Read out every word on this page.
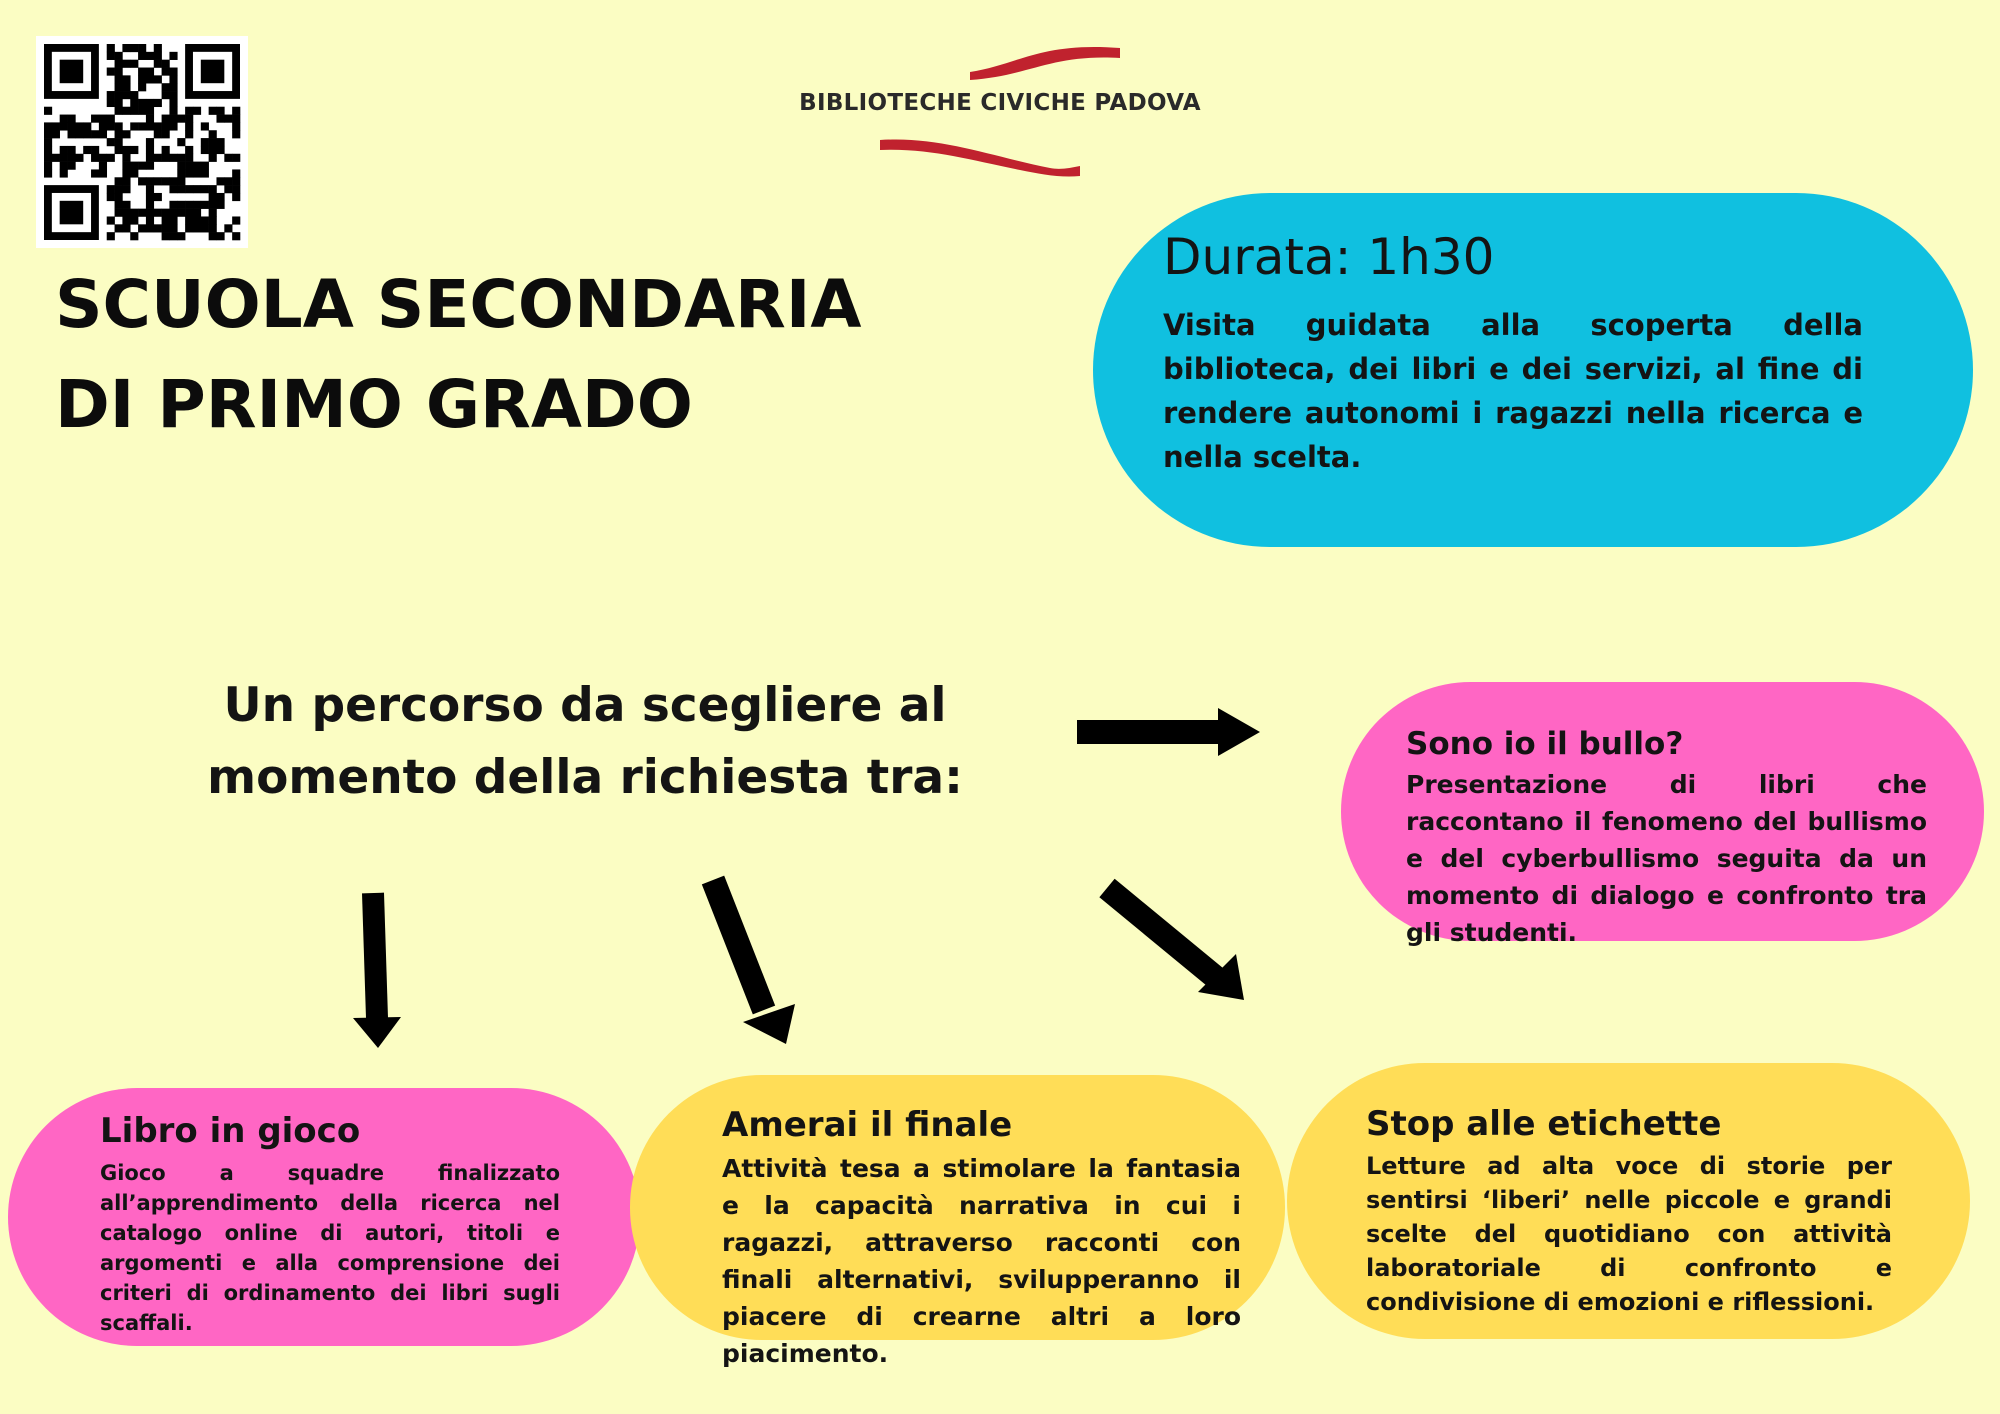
BIBLIOTECHE CIVICHE PADOVA
SCUOLA SECONDARIA
DI PRIMO GRADO
Durata: 1h30
Visita guidata alla scoperta della biblioteca, dei libri e dei servizi, al fine di rendere autonomi i ragazzi nella ricerca e nella scelta.
Un percorso da scegliere al
momento della richiesta tra:
Sono io il bullo?
Presentazione di libri che raccontano il fenomeno del bullismo e del cyberbullismo seguita da un momento di dialogo e confronto tra gli studenti.
Libro in gioco
Gioco a squadre finalizzato all’apprendimento della ricerca nel catalogo online di autori, titoli e argomenti e alla comprensione dei criteri di ordinamento dei libri sugli scaffali.
Amerai il finale
Attività tesa a stimolare la fantasia e la capacità narrativa in cui i ragazzi, attraverso racconti con finali alternativi, svilupperanno il piacere di crearne altri a loro piacimento.
Stop alle etichette
Letture ad alta voce di storie per sentirsi ‘liberi’ nelle piccole e grandi scelte del quotidiano con attività laboratoriale di confronto e condivisione di emozioni e riflessioni.
